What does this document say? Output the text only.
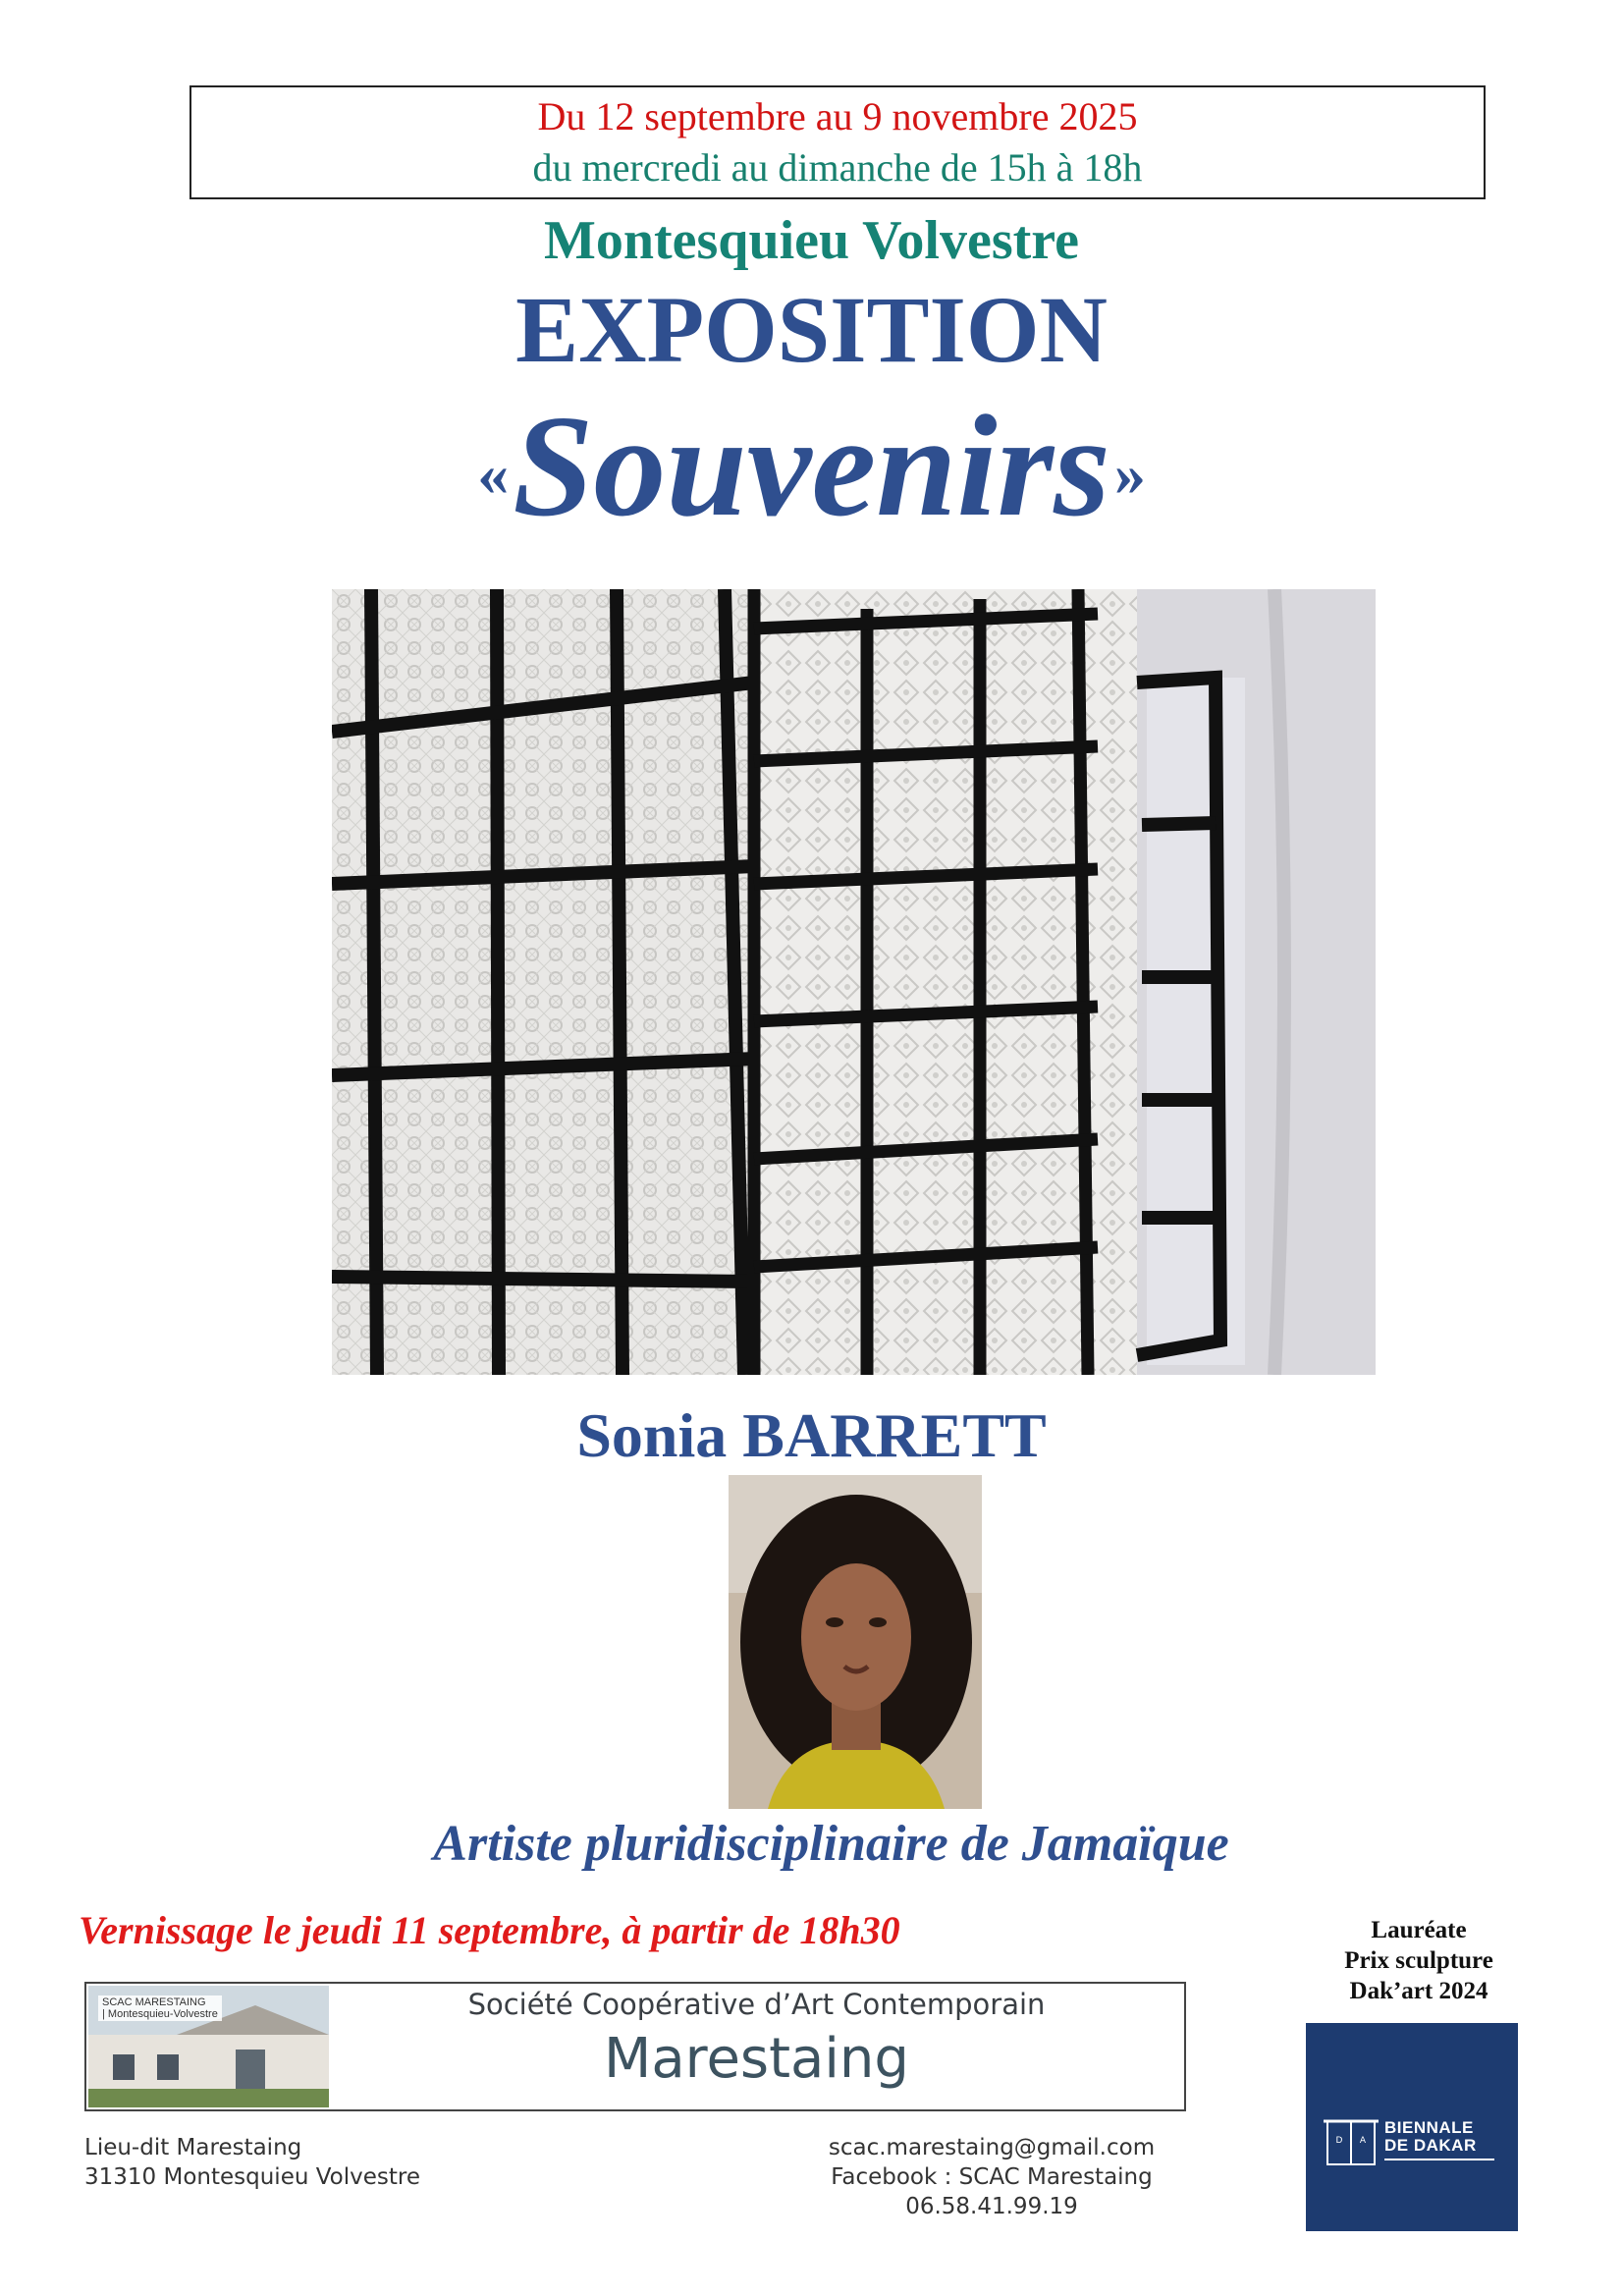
Du 12 septembre au 9 novembre 2025
du mercredi au dimanche de 15h à 18h
Montesquieu Volvestre
EXPOSITION
« Souvenirs »
Sonia BARRETT
Artiste pluridisciplinaire de Jamaïque
Vernissage le jeudi 11 septembre, à partir de 18h30	Lauréate
Prix sculpture
Dak’art 2024
D A
BIENNALE
DE DAKAR
SCAC MARESTAING
| Montesquieu-Volvestre	Société Coopérative d’Art Contemporain
Marestaing
Lieu-dit Marestaing
31310 Montesquieu Volvestre
scac.marestaing@gmail.com
Facebook : SCAC Marestaing
06.58.41.99.19
